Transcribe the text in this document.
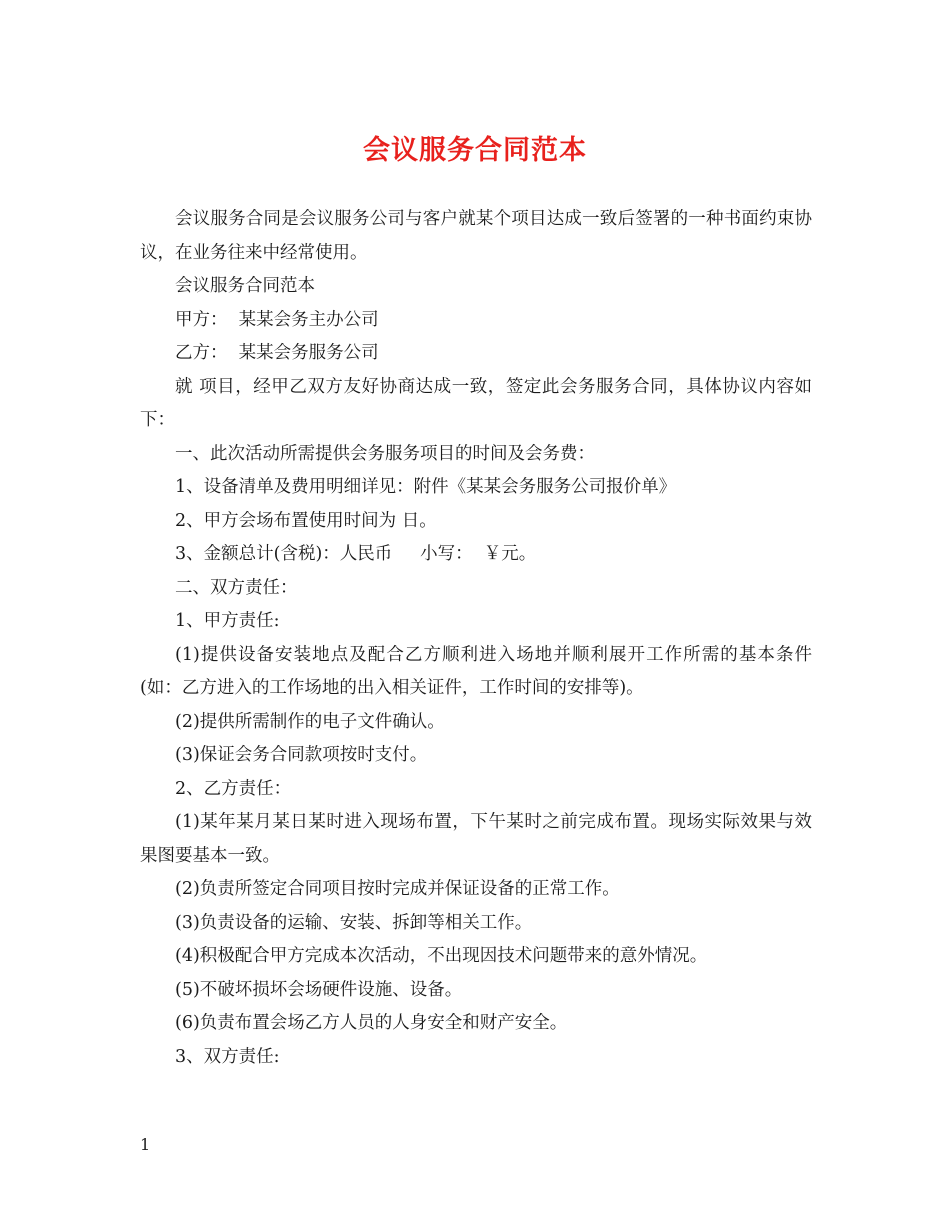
会议服务合同范本

会议服务合同是会议服务公司与客户就某个项目达成一致后签署的一种书面约束协议，在业务往来中经常使用。

会议服务合同范本

甲方：  某某会务主办公司

乙方：  某某会务服务公司

就 项目，经甲乙双方友好协商达成一致，签定此会务服务合同，具体协议内容如下：

一、此次活动所需提供会务服务项目的时间及会务费：

1、设备清单及费用明细详见：附件《某某会务服务公司报价单》

2、甲方会场布置使用时间为 日。

3、金额总计(含税)：人民币     小写：  ￥元。

二、双方责任：

1、甲方责任:

(1)提供设备安装地点及配合乙方顺利进入场地并顺利展开工作所需的基本条件(如：乙方进入的工作场地的出入相关证件，工作时间的安排等)。

(2)提供所需制作的电子文件确认。

(3)保证会务合同款项按时支付。

2、乙方责任：

(1)某年某月某日某时进入现场布置，下午某时之前完成布置。现场实际效果与效果图要基本一致。

(2)负责所签定合同项目按时完成并保证设备的正常工作。

(3)负责设备的运输、安装、拆卸等相关工作。

(4)积极配合甲方完成本次活动，不出现因技术问题带来的意外情况。

(5)不破坏损坏会场硬件设施、设备。

(6)负责布置会场乙方人员的人身安全和财产安全。

3、双方责任:

1
